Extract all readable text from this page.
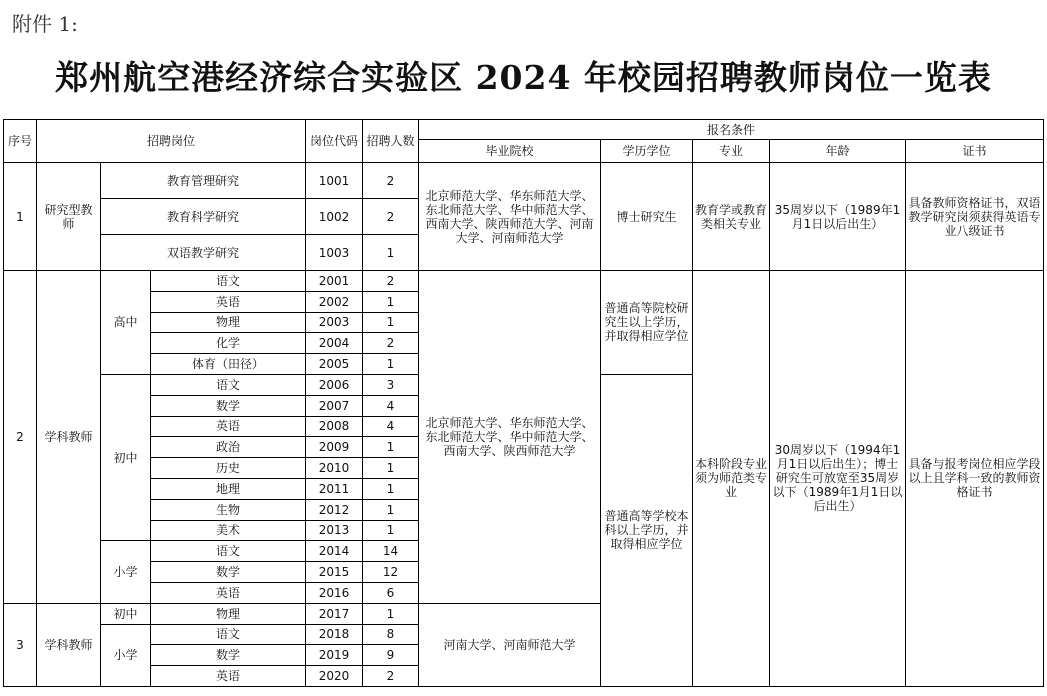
附件 1:
郑州航空港经济综合实验区 2024 年校园招聘教师岗位一览表
序号	招聘岗位			岗位代码	招聘人数	报名条件				
						毕业院校	学历学位	专业	年龄	证书
1	研究型教师	教育管理研究		1001	2	北京师范大学、华东师范大学、东北师范大学、华中师范大学、西南大学、陕西师范大学、河南大学、河南师范大学	博士研究生	教育学或教育类相关专业	35周岁以下（1989年1月1日以后出生）	具备教师资格证书，双语教学研究岗须获得英语专业八级证书
		教育科学研究		1002	2					
		双语教学研究		1003	1					
2	学科教师	高中	语文	2001	2	北京师范大学、华东师范大学、东北师范大学、华中师范大学、西南大学、陕西师范大学	普通高等院校研究生以上学历，并取得相应学位	本科阶段专业须为师范类专业	30周岁以下（1994年1月1日以后出生）；博士研究生可放宽至35周岁以下（1989年1月1日以后出生）	具备与报考岗位相应学段以上且学科一致的教师资格证书
			英语	2002	1					
			物理	2003	1					
			化学	2004	2					
			体育（田径）	2005	1					
		初中	语文	2006	3		普通高等学校本科以上学历，并取得相应学位			
			数学	2007	4					
			英语	2008	4					
			政治	2009	1					
			历史	2010	1					
			地理	2011	1					
			生物	2012	1					
			美术	2013	1					
		小学	语文	2014	14					
			数学	2015	12					
			英语	2016	6					
3	学科教师	初中	物理	2017	1	河南大学、河南师范大学				
		小学	语文	2018	8					
			数学	2019	9					
			英语	2020	2					
